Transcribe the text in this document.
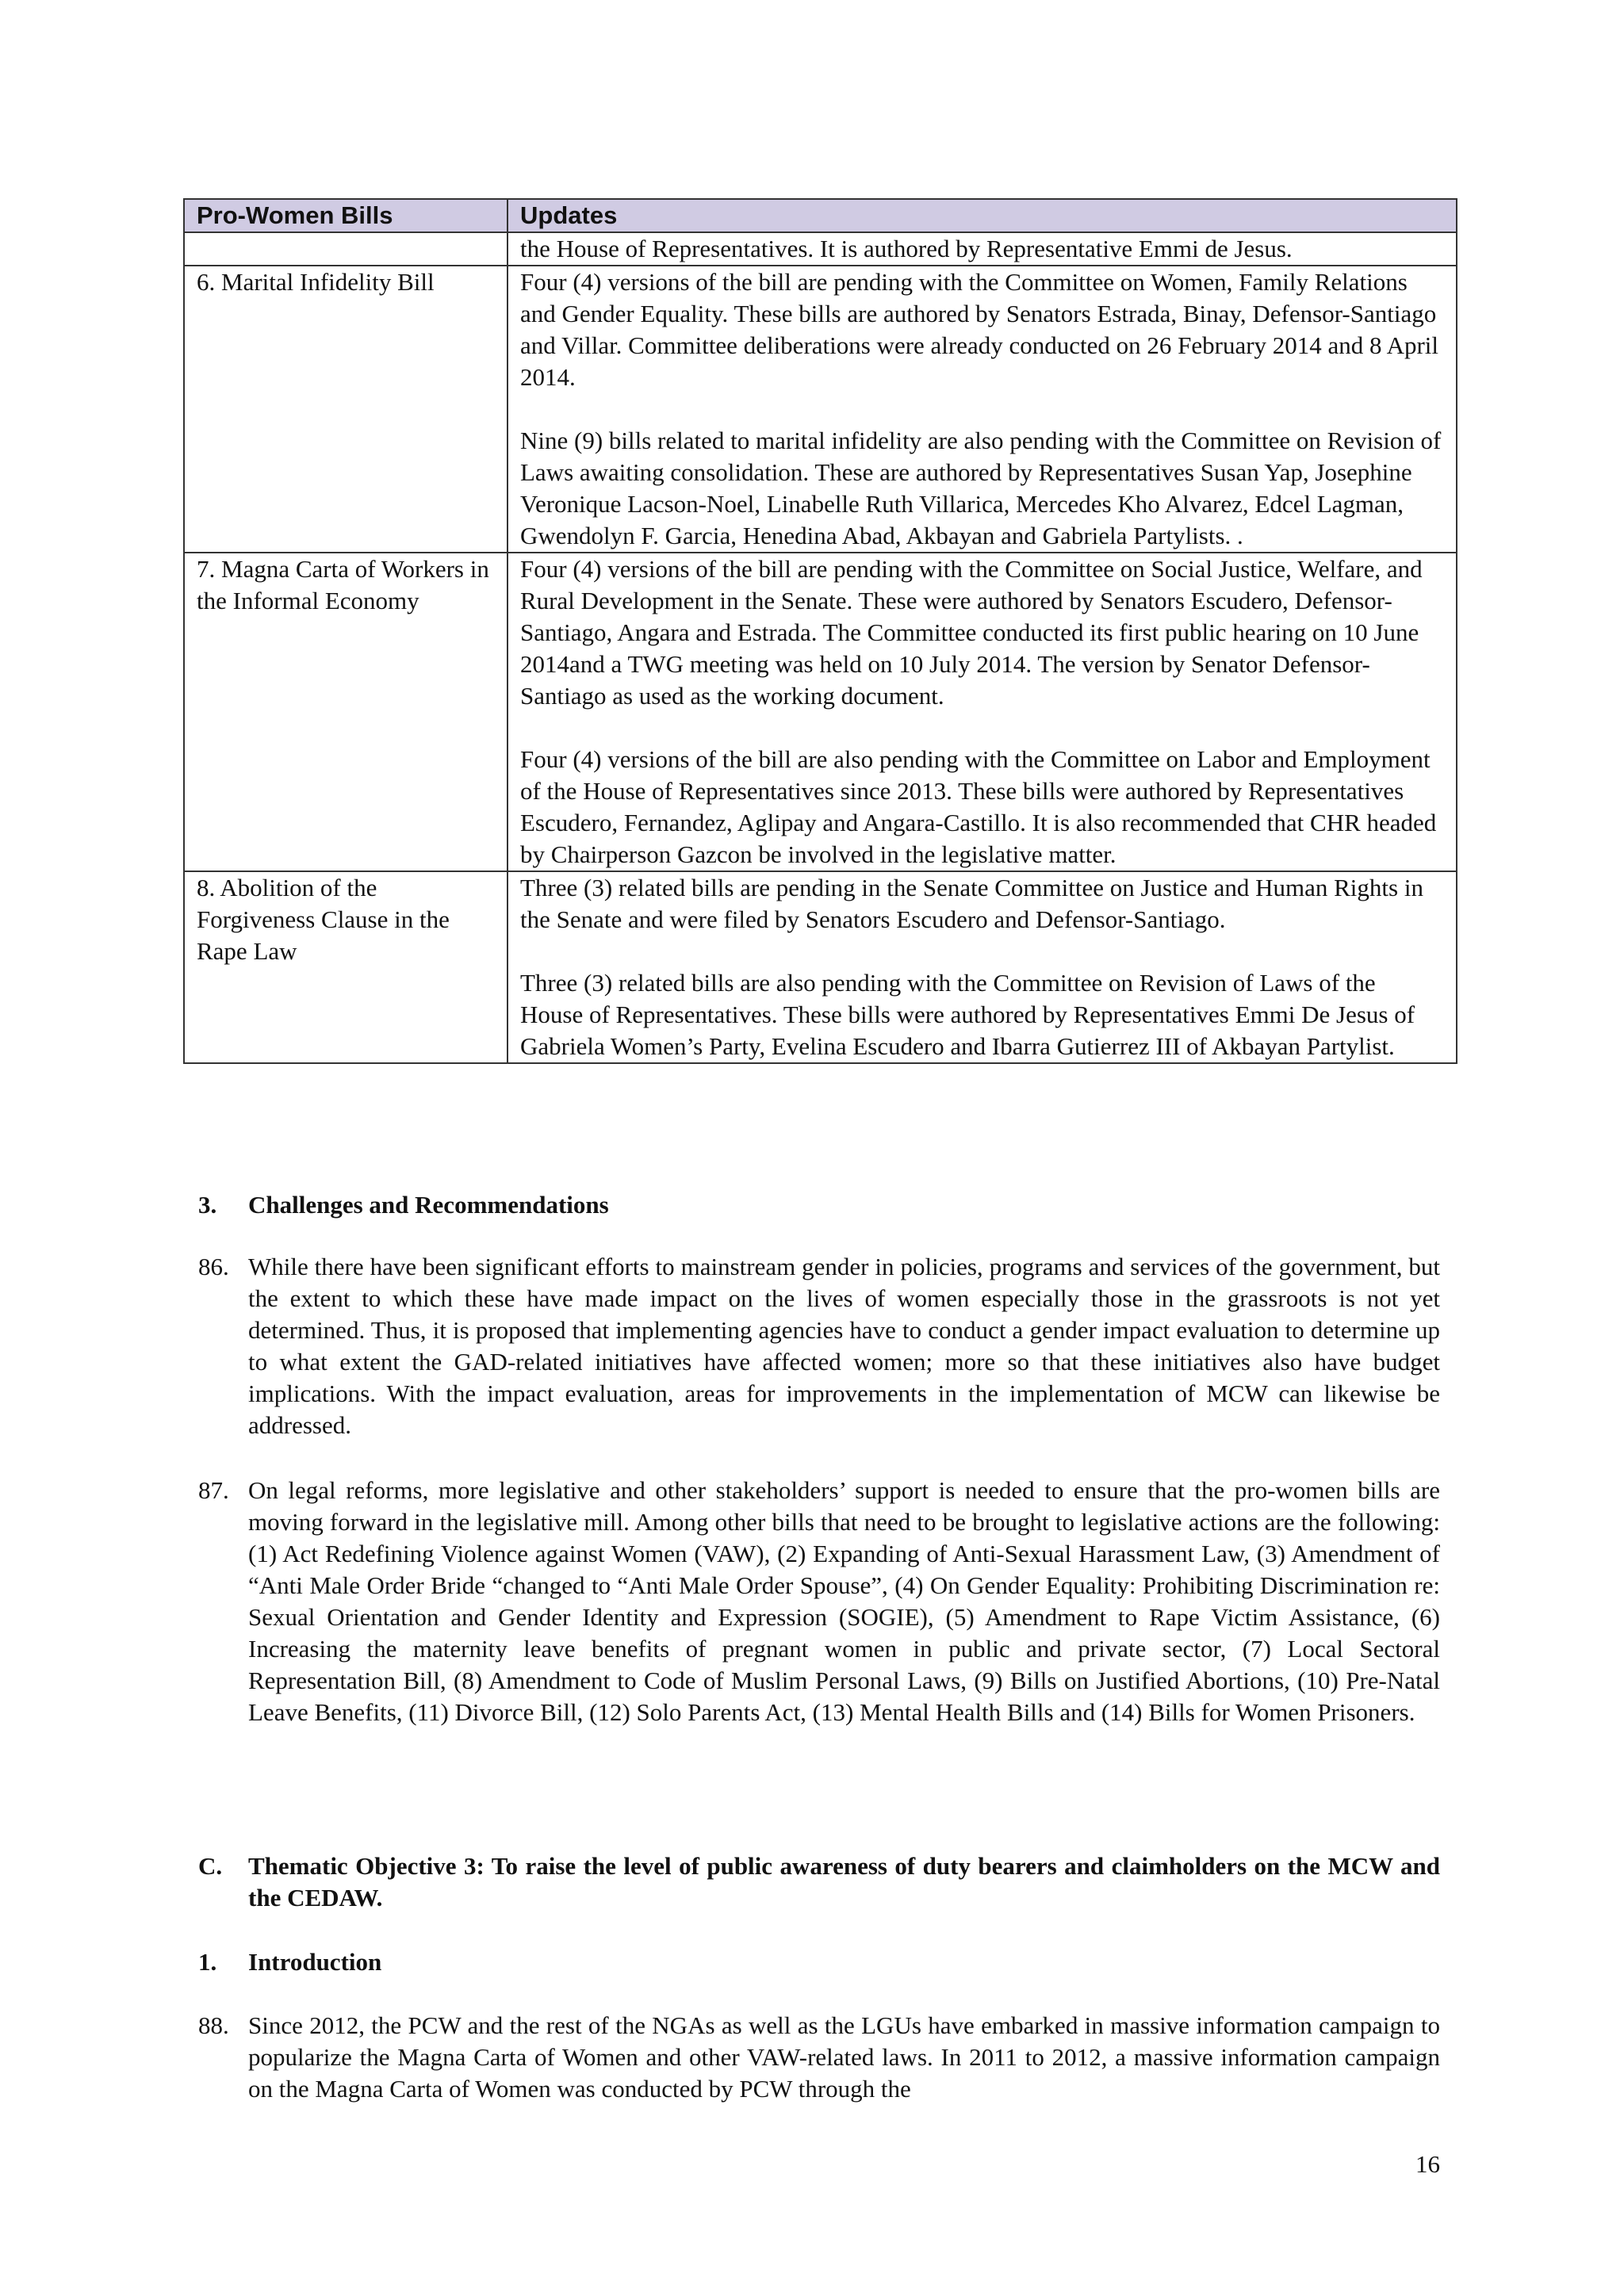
Pro-Women Bills	Updates

	the House of Representatives. It is authored by Representative Emmi de Jesus.

6. Marital Infidelity Bill	Four (4) versions of the bill are pending with the Committee on Women, Family Relations and Gender Equality. These bills are authored by Senators Estrada, Binay, Defensor-Santiago and Villar. Committee deliberations were already conducted on 26 February 2014 and 8 April 2014.

Nine (9) bills related to marital infidelity are also pending with the Committee on Revision of Laws awaiting consolidation. These are authored by Representatives Susan Yap, Josephine Veronique Lacson-Noel, Linabelle Ruth Villarica, Mercedes Kho Alvarez, Edcel Lagman, Gwendolyn F. Garcia, Henedina Abad, Akbayan and Gabriela Partylists. .

7. Magna Carta of Workers in the Informal Economy	Four (4) versions of the bill are pending with the Committee on Social Justice, Welfare, and Rural Development in the Senate. These were authored by Senators Escudero, Defensor-Santiago, Angara and Estrada. The Committee conducted its first public hearing on 10 June 2014and a TWG meeting was held on 10 July 2014. The version by Senator Defensor-Santiago as used as the working document.

Four (4) versions of the bill are also pending with the Committee on Labor and Employment of the House of Representatives since 2013. These bills were authored by Representatives Escudero, Fernandez, Aglipay and Angara-Castillo. It is also recommended that CHR headed by Chairperson Gazcon be involved in the legislative matter.

8. Abolition of the Forgiveness Clause in the Rape Law	Three (3) related bills are pending in the Senate Committee on Justice and Human Rights in the Senate and were filed by Senators Escudero and Defensor-Santiago.

Three (3) related bills are also pending with the Committee on Revision of Laws of the House of Representatives. These bills were authored by Representatives Emmi De Jesus of Gabriela Women’s Party, Evelina Escudero and Ibarra Gutierrez III of Akbayan Partylist.

3.	Challenges and Recommendations
86. While there have been significant efforts to mainstream gender in policies, programs and services of the government, but the extent to which these have made impact on the lives of women especially those in the grassroots is not yet determined. Thus, it is proposed that implementing agencies have to conduct a gender impact evaluation to determine up to what extent the GAD-related initiatives have affected women; more so that these initiatives also have budget implications. With the impact evaluation, areas for improvements in the implementation of MCW can likewise be addressed.
87. On legal reforms, more legislative and other stakeholders’ support is needed to ensure that the pro-women bills are moving forward in the legislative mill. Among other bills that need to be brought to legislative actions are the following: (1) Act Redefining Violence against Women (VAW), (2) Expanding of Anti-Sexual Harassment Law, (3) Amendment of “Anti Male Order Bride “changed to “Anti Male Order Spouse”, (4) On Gender Equality: Prohibiting Discrimination re: Sexual Orientation and Gender Identity and Expression (SOGIE), (5) Amendment to Rape Victim Assistance, (6) Increasing the maternity leave benefits of pregnant women in public and private sector, (7) Local Sectoral Representation Bill, (8) Amendment to Code of Muslim Personal Laws, (9) Bills on Justified Abortions, (10) Pre-Natal Leave Benefits, (11) Divorce Bill, (12) Solo Parents Act, (13) Mental Health Bills and (14) Bills for Women Prisoners.
C.	Thematic Objective 3: To raise the level of public awareness of duty bearers and claimholders on the MCW and the CEDAW.
1.	Introduction
88. Since 2012, the PCW and the rest of the NGAs as well as the LGUs have embarked in massive information campaign to popularize the Magna Carta of Women and other VAW-related laws. In 2011 to 2012, a massive information campaign on the Magna Carta of Women was conducted by PCW through the
16
